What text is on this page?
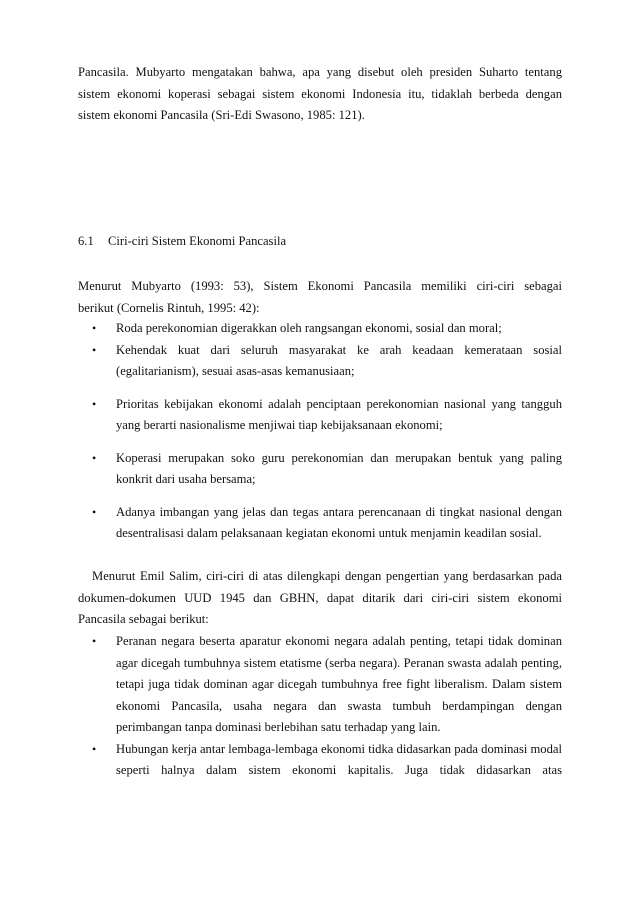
Pancasila. Mubyarto mengatakan bahwa, apa yang disebut oleh presiden Suharto tentang
sistem ekonomi koperasi sebagai sistem ekonomi Indonesia itu, tidaklah berbeda dengan
sistem ekonomi Pancasila (Sri-Edi Swasono, 1985: 121).

6.1 Ciri-ciri Sistem Ekonomi Pancasila

Menurut Mubyarto (1993: 53), Sistem Ekonomi Pancasila memiliki ciri-ciri sebagai
berikut (Cornelis Rintuh, 1995: 42):

• Roda perekonomian digerakkan oleh rangsangan ekonomi, sosial dan moral;
• Kehendak kuat dari seluruh masyarakat ke arah keadaan kemerataan sosial (egalitarianism), sesuai asas-asas kemanusiaan;
• Prioritas kebijakan ekonomi adalah penciptaan perekonomian nasional yang tangguh yang berarti nasionalisme menjiwai tiap kebijaksanaan ekonomi;
• Koperasi merupakan soko guru perekonomian dan merupakan bentuk yang paling konkrit dari usaha bersama;
• Adanya imbangan yang jelas dan tegas antara perencanaan di tingkat nasional dengan desentralisasi dalam pelaksanaan kegiatan ekonomi untuk menjamin keadilan sosial.

Menurut Emil Salim, ciri-ciri di atas dilengkapi dengan pengertian yang berdasarkan pada
dokumen-dokumen UUD 1945 dan GBHN, dapat ditarik dari ciri-ciri sistem ekonomi
Pancasila sebagai berikut:

• Peranan negara beserta aparatur ekonomi negara adalah penting, tetapi tidak dominan agar dicegah tumbuhnya sistem etatisme (serba negara). Peranan swasta adalah penting, tetapi juga tidak dominan agar dicegah tumbuhnya free fight liberalism. Dalam sistem ekonomi Pancasila, usaha negara dan swasta tumbuh berdampingan dengan perimbangan tanpa dominasi berlebihan satu terhadap yang lain.
• Hubungan kerja antar lembaga-lembaga ekonomi tidka didasarkan pada dominasi modal seperti halnya dalam sistem ekonomi kapitalis. Juga tidak didasarkan atas
